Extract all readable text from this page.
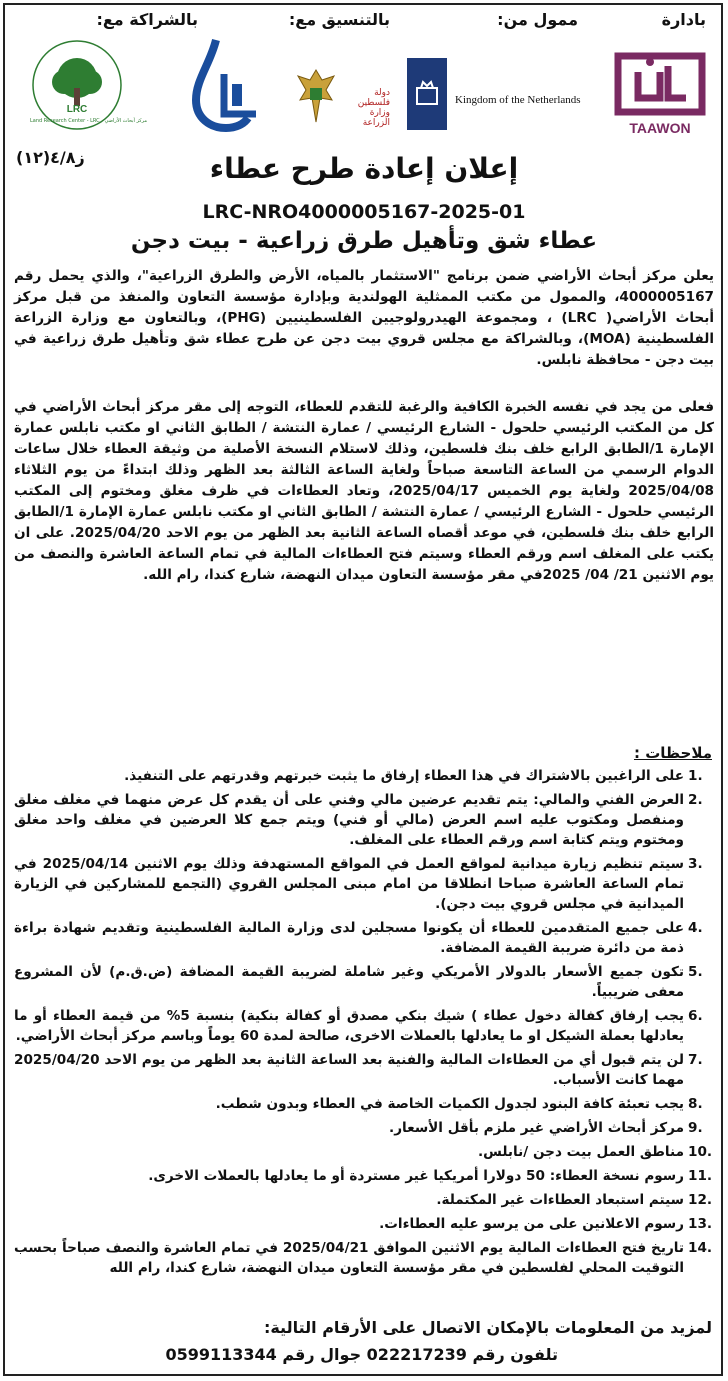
بادارة
ممول من:
بالتنسيق مع:
بالشراكة مع:
TAAWON
Kingdom of the Netherlands
دولة فلسطين وزارة الزراعة
LRC
Land Research Center - LRC - مركز أبحاث الأراضي
إعلان إعادة طرح عطاء
ز٤/٨(١٢)
LRC-NRO4000005167-2025-01
عطاء شق وتأهيل طرق زراعية - بيت دجن
يعلن مركز أبحاث الأراضي ضمن برنامج "الاستثمار بالمياه، الأرض والطرق الزراعية"، والذي يحمل رقم 4000005167، والممول من مكتب الممثلية الهولندية وبإدارة مؤسسة التعاون والمنفذ من قبل مركز أبحاث الأراضي( LRC) ، ومجموعة الهيدرولوجيين الفلسطينيين (PHG)، وبالتعاون مع وزارة الزراعة الفلسطينية (MOA)، وبالشراكة مع مجلس قروي بيت دجن عن طرح عطاء شق وتأهيل طرق زراعية في بيت دجن - محافظة نابلس.
فعلى من يجد في نفسه الخبرة الكافية والرغبة للتقدم للعطاء، التوجه إلى مقر مركز أبحاث الأراضي في كل من المكتب الرئيسي حلحول - الشارع الرئيسي / عمارة النتشة / الطابق الثاني او مكتب نابلس عمارة الإمارة 1/الطابق الرابع خلف بنك فلسطين، وذلك لاستلام النسخة الأصلية من وثيقة العطاء خلال ساعات الدوام الرسمي من الساعة التاسعة صباحاً ولغاية الساعة الثالثة بعد الظهر وذلك ابتداءً من يوم الثلاثاء 2025/04/08 ولغاية يوم الخميس 2025/04/17، وتعاد العطاءات في ظرف مغلق ومختوم إلى المكتب الرئيسي حلحول - الشارع الرئيسي / عمارة النتشة / الطابق الثاني او مكتب نابلس عمارة الإمارة 1/الطابق الرابع خلف بنك فلسطين، في موعد أقصاه الساعة الثانية بعد الظهر من يوم الاحد 2025/04/20. على ان يكتب على المغلف اسم ورقم العطاء وسيتم فتح العطاءات المالية في تمام الساعة العاشرة والنصف من يوم الاثنين 21/ 04/ 2025في مقر مؤسسة التعاون ميدان النهضة، شارع كندا، رام الله.
ملاحظات :
1.
على الراغبين بالاشتراك في هذا العطاء إرفاق ما يثبت خبرتهم وقدرتهم على التنفيذ.
2.
العرض الفني والمالي: يتم تقديم عرضين مالي وفني على أن يقدم كل عرض منهما في مغلف مغلق ومنفصل ومكتوب عليه اسم العرض (مالي أو فني) ويتم جمع كلا العرضين في مغلف واحد مغلق ومختوم ويتم كتابة اسم ورقم العطاء على المغلف.
3.
سيتم تنظيم زيارة ميدانية لمواقع العمل في المواقع المستهدفة وذلك يوم الاثنين 2025/04/14 في تمام الساعة العاشرة صباحا انطلاقا من امام مبنى المجلس القروي (التجمع للمشاركين في الزيارة الميدانية في مجلس قروي بيت دجن).
4.
على جميع المتقدمين للعطاء أن يكونوا مسجلين لدى وزارة المالية الفلسطينية وتقديم شهادة براءة ذمة من دائرة ضريبة القيمة المضافة.
5.
تكون جميع الأسعار بالدولار الأمريكي وغير شاملة لضريبة القيمة المضافة (ض.ق.م) لأن المشروع معفى ضريبياً.
6.
يجب إرفاق كفالة دخول عطاء ) شيك بنكي مصدق أو كفالة بنكية) بنسبة 5% من قيمة العطاء أو ما يعادلها بعملة الشيكل او ما يعادلها بالعملات الاخرى، صالحة لمدة 60 يوماً وباسم مركز أبحاث الأراضي.
7.
لن يتم قبول أي من العطاءات المالية والفنية بعد الساعة الثانية بعد الظهر من يوم الاحد 2025/04/20 مهما كانت الأسباب.
8.
يجب تعبئة كافة البنود لجدول الكميات الخاصة في العطاء وبدون شطب.
9.
مركز أبحاث الأراضي غير ملزم بأقل الأسعار.
10.
مناطق العمل بيت دجن /نابلس.
11.
رسوم نسخة العطاء: 50 دولارا أمريكيا غير مستردة أو ما يعادلها بالعملات الاخرى.
12.
سيتم استبعاد العطاءات غير المكتملة.
13.
رسوم الاعلانين على من يرسو عليه العطاءات.
14.
تاريخ فتح العطاءات المالية يوم الاثنين الموافق 2025/04/21 في تمام العاشرة والنصف صباحاً بحسب التوقيت المحلي لفلسطين في مقر مؤسسة التعاون ميدان النهضة، شارع كندا، رام الله
لمزيد من المعلومات بالإمكان الاتصال على الأرقام التالية:
تلفون رقم 022217239 جوال رقم 0599113344
